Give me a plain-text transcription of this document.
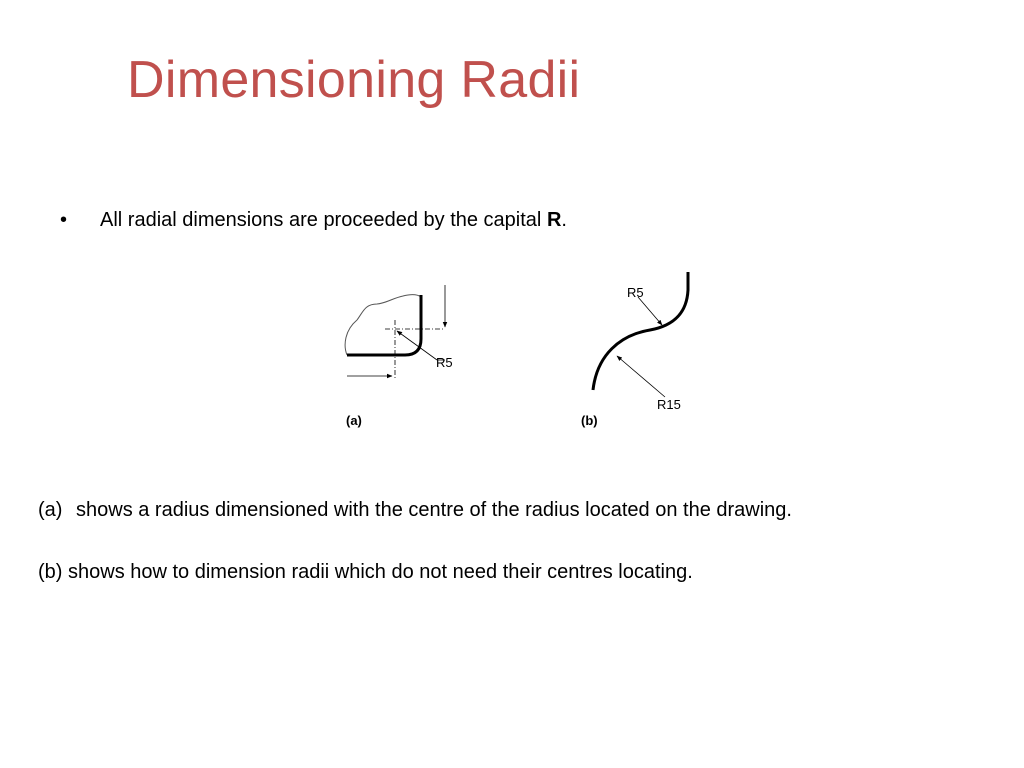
Dimensioning Radii
• All radial dimensions are proceeded by the capital R.
R5
(a)
R5
R15
(b)
(a) shows a radius dimensioned with the centre of the radius located on the drawing.
(b) shows how to dimension radii which do not need their centres locating.
